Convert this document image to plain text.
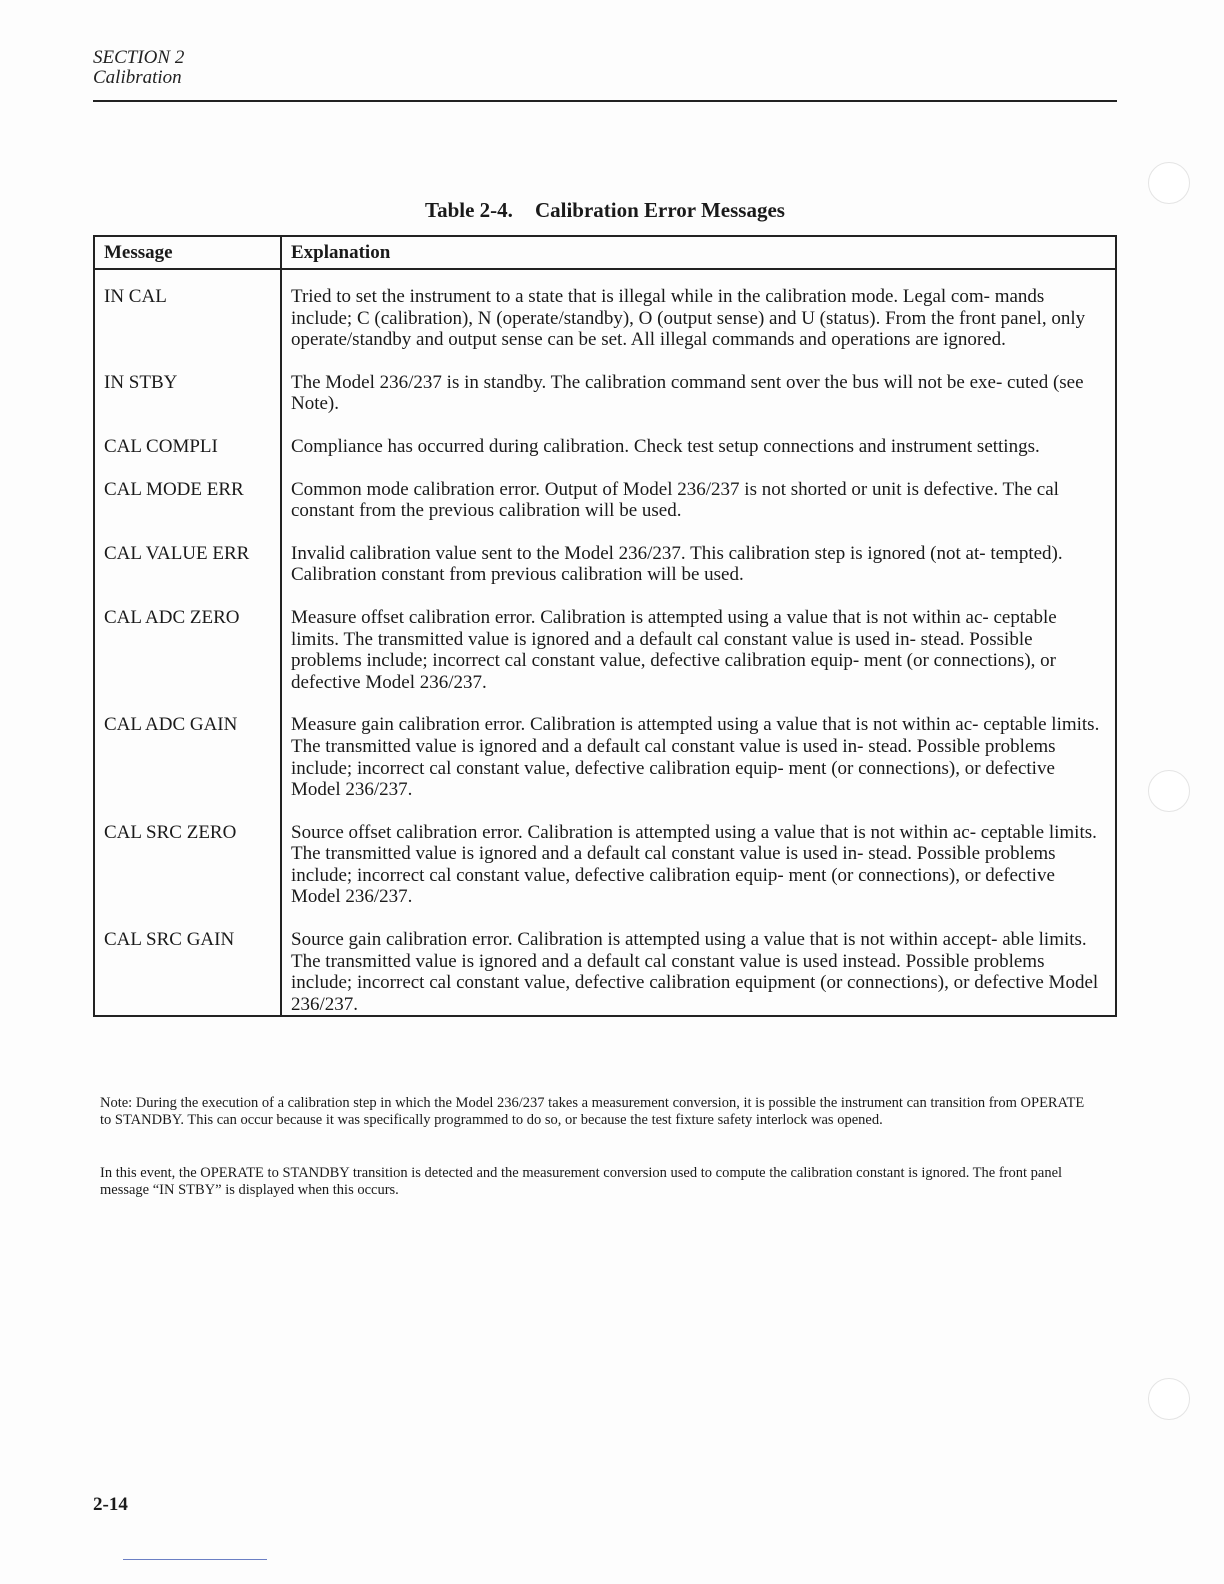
SECTION 2
Calibration
Table 2-4. Calibration Error Messages
Message	Explanation
IN CAL	Tried to set the instrument to a state that is illegal while in the calibration mode. Legal com- mands include; C (calibration), N (operate/standby), O (output sense) and U (status). From the front panel, only operate/standby and output sense can be set. All illegal commands and operations are ignored.
IN STBY	The Model 236/237 is in standby. The calibration command sent over the bus will not be exe- cuted (see Note).
CAL COMPLI	Compliance has occurred during calibration. Check test setup connections and instrument settings.
CAL MODE ERR	Common mode calibration error. Output of Model 236/237 is not shorted or unit is defective. The cal constant from the previous calibration will be used.
CAL VALUE ERR	Invalid calibration value sent to the Model 236/237. This calibration step is ignored (not at- tempted). Calibration constant from previous calibration will be used.
CAL ADC ZERO	Measure offset calibration error. Calibration is attempted using a value that is not within ac- ceptable limits. The transmitted value is ignored and a default cal constant value is used in- stead. Possible problems include; incorrect cal constant value, defective calibration equip- ment (or connections), or defective Model 236/237.
CAL ADC GAIN	Measure gain calibration error. Calibration is attempted using a value that is not within ac- ceptable limits. The transmitted value is ignored and a default cal constant value is used in- stead. Possible problems include; incorrect cal constant value, defective calibration equip- ment (or connections), or defective Model 236/237.
CAL SRC ZERO	Source offset calibration error. Calibration is attempted using a value that is not within ac- ceptable limits. The transmitted value is ignored and a default cal constant value is used in- stead. Possible problems include; incorrect cal constant value, defective calibration equip- ment (or connections), or defective Model 236/237.
CAL SRC GAIN	Source gain calibration error. Calibration is attempted using a value that is not within accept- able limits. The transmitted value is ignored and a default cal constant value is used instead. Possible problems include; incorrect cal constant value, defective calibration equipment (or connections), or defective Model 236/237.

Note: During the execution of a calibration step in which the Model 236/237 takes a measurement conversion, it is possible the instrument can transition from OPERATE to STANDBY. This can occur because it was specifically programmed to do so, or because the test fixture safety interlock was opened.

In this event, the OPERATE to STANDBY transition is detected and the measurement conversion used to compute the calibration constant is ignored. The front panel message “IN STBY” is displayed when this occurs.

2-14
